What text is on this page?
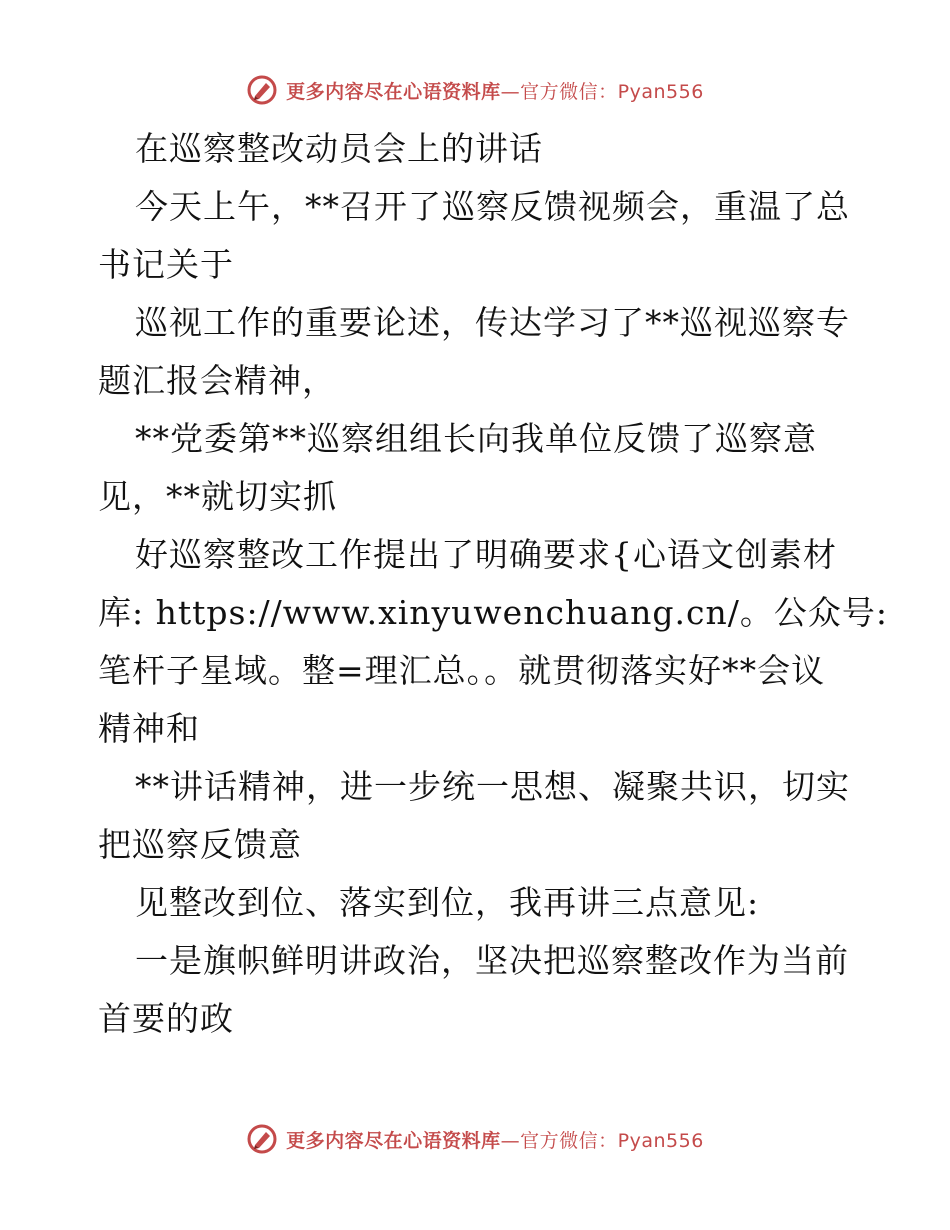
更多内容尽在心语资料库—官方微信：Pyan556
在巡察整改动员会上的讲话
今天上午，**召开了巡察反馈视频会，重温了总
书记关于
巡视工作的重要论述，传达学习了**巡视巡察专
题汇报会精神，
**党委第**巡察组组长向我单位反馈了巡察意
见，**就切实抓
好巡察整改工作提出了明确要求{心语文创素材
库: https://www.xinyuwenchuang.cn/。公众号:
笔杆子星域。整=理汇总。。就贯彻落实好**会议
精神和
**讲话精神，进一步统一思想、凝聚共识，切实
把巡察反馈意
见整改到位、落实到位，我再讲三点意见:
一是旗帜鲜明讲政治，坚决把巡察整改作为当前
首要的政
更多内容尽在心语资料库—官方微信：Pyan556
